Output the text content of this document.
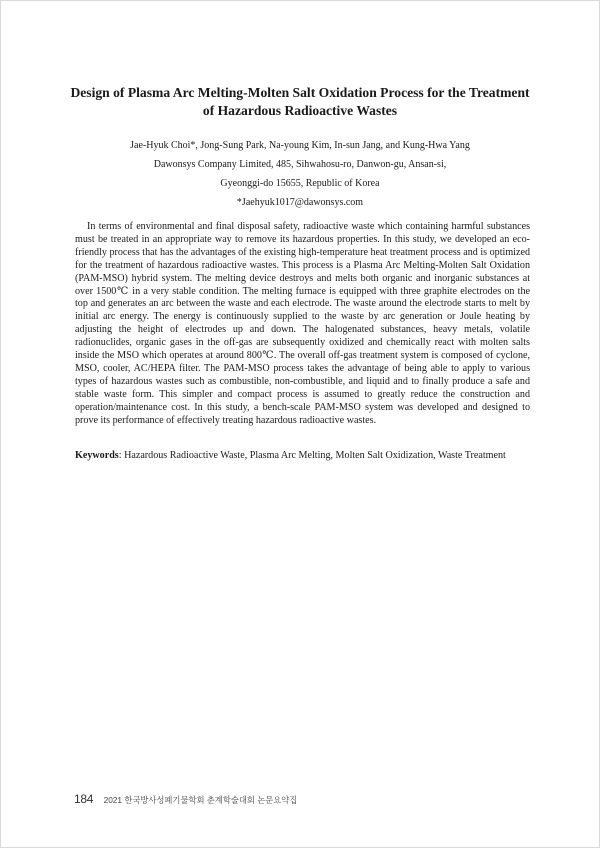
Design of Plasma Arc Melting-Molten Salt Oxidation Process for the Treatment
of Hazardous Radioactive Wastes
Jae-Hyuk Choi*, Jong-Sung Park, Na-young Kim, In-sun Jang, and Kung-Hwa Yang
Dawonsys Company Limited, 485, Sihwahosu-ro, Danwon-gu, Ansan-si,
Gyeonggi-do 15655, Republic of Korea
*Jaehyuk1017@dawonsys.com

In terms of environmental and final disposal safety, radioactive waste which containing harmful substances must be treated in an appropriate way to remove its hazardous properties. In this study, we developed an eco-friendly process that has the advantages of the existing high-temperature heat treatment process and is optimized for the treatment of hazardous radioactive wastes. This process is a Plasma Arc Melting-Molten Salt Oxidation (PAM-MSO) hybrid system. The melting device destroys and melts both organic and inorganic substances at over 1500℃ in a very stable condition. The melting furnace is equipped with three graphite electrodes on the top and generates an arc between the waste and each electrode. The waste around the electrode starts to melt by initial arc energy. The energy is continuously supplied to the waste by arc generation or Joule heating by adjusting the height of electrodes up and down. The halogenated substances, heavy metals, volatile radionuclides, organic gases in the off-gas are subsequently oxidized and chemically react with molten salts inside the MSO which operates at around 800℃. The overall off-gas treatment system is composed of cyclone, MSO, cooler, AC/HEPA filter. The PAM-MSO process takes the advantage of being able to apply to various types of hazardous wastes such as combustible, non-combustible, and liquid and to finally produce a safe and stable waste form. This simpler and compact process is assumed to greatly reduce the construction and operation/maintenance cost. In this study, a bench-scale PAM-MSO system was developed and designed to prove its performance of effectively treating hazardous radioactive wastes.

Keywords: Hazardous Radioactive Waste, Plasma Arc Melting, Molten Salt Oxidization, Waste Treatment

184 2021 한국방사성폐기물학회 춘계학술대회 논문요약집
